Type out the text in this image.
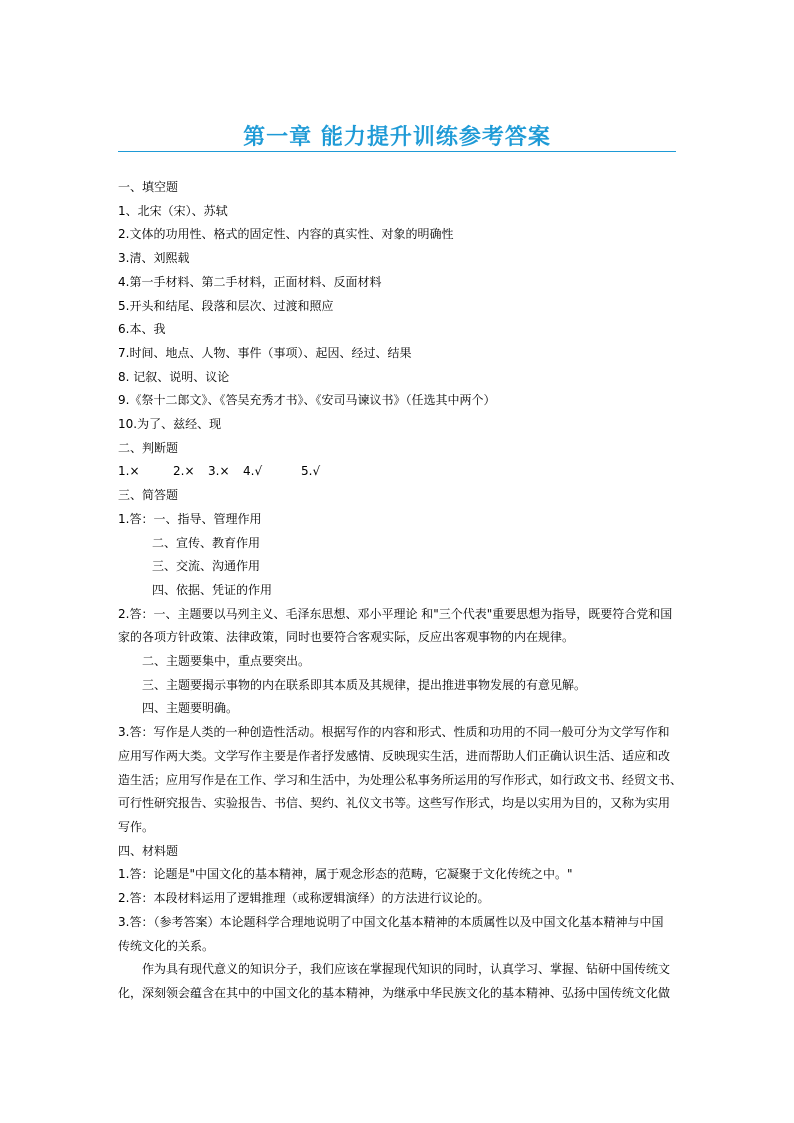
第一章 能力提升训练参考答案
一、填空题
1、北宋（宋）、苏轼
2.文体的功用性、格式的固定性、内容的真实性、对象的明确性
3.清、刘熙载
4.第一手材料、第二手材料，正面材料、反面材料
5.开头和结尾、段落和层次、过渡和照应
6.本、我
7.时间、地点、人物、事件（事项）、起因、经过、结果
8. 记叙、说明、议论
9.《祭十二郎文》、《答吴充秀才书》、《安司马谏议书》（任选其中两个）
10.为了、兹经、现
二、判断题
1.×	2.×	3.×	4.√	5.√
三、简答题
1.答：一、指导、管理作用
二、宣传、教育作用
三、交流、沟通作用
四、依据、凭证的作用
2.答：一、主题要以马列主义、毛泽东思想、邓小平理论 和"三个代表"重要思想为指导，既要符合党和国
家的各项方针政策、法律政策，同时也要符合客观实际，反应出客观事物的内在规律。
二、主题要集中，重点要突出。
三、主题要揭示事物的内在联系即其本质及其规律，提出推进事物发展的有意见解。
四、主题要明确。
3.答：写作是人类的一种创造性活动。根据写作的内容和形式、性质和功用的不同一般可分为文学写作和
应用写作两大类。文学写作主要是作者抒发感情、反映现实生活，进而帮助人们正确认识生活、适应和改
造生活；应用写作是在工作、学习和生活中，为处理公私事务所运用的写作形式，如行政文书、经贸文书、
可行性研究报告、实验报告、书信、契约、礼仪文书等。这些写作形式，均是以实用为目的，又称为实用
写作。
四、材料题
1.答：论题是"中国文化的基本精神，属于观念形态的范畴，它凝聚于文化传统之中。"
2.答：本段材料运用了逻辑推理（或称逻辑演绎）的方法进行议论的。
3.答：（参考答案）本论题科学合理地说明了中国文化基本精神的本质属性以及中国文化基本精神与中国
传统文化的关系。
作为具有现代意义的知识分子，我们应该在掌握现代知识的同时，认真学习、掌握、钻研中国传统文
化，深刻领会蕴含在其中的中国文化的基本精神，为继承中华民族文化的基本精神、弘扬中国传统文化做
